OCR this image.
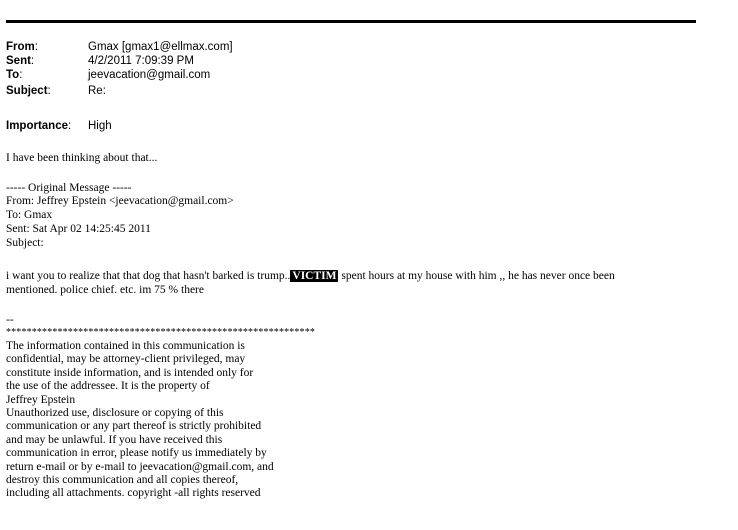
From:	Gmax [gmax1@ellmax.com]
Sent:	4/2/2011 7:09:39 PM
To:	jeevacation@gmail.com
Subject:	Re:
Importance: High
I have been thinking about that...
----- Original Message -----
From: Jeffrey Epstein <jeevacation@gmail.com>
To: Gmax
Sent: Sat Apr 02 14:25:45 2011
Subject:
i want you to realize that that dog that hasn't barked is trump.. VICTIM spent hours at my house with him ,, he has never once been
mentioned. police chief. etc. im 75 % there
--
************************************************************
The information contained in this communication is
confidential, may be attorney-client privileged, may
constitute inside information, and is intended only for
the use of the addressee. It is the property of
Jeffrey Epstein
Unauthorized use, disclosure or copying of this
communication or any part thereof is strictly prohibited
and may be unlawful. If you have received this
communication in error, please notify us immediately by
return e-mail or by e-mail to jeevacation@gmail.com, and
destroy this communication and all copies thereof,
including all attachments. copyright -all rights reserved
